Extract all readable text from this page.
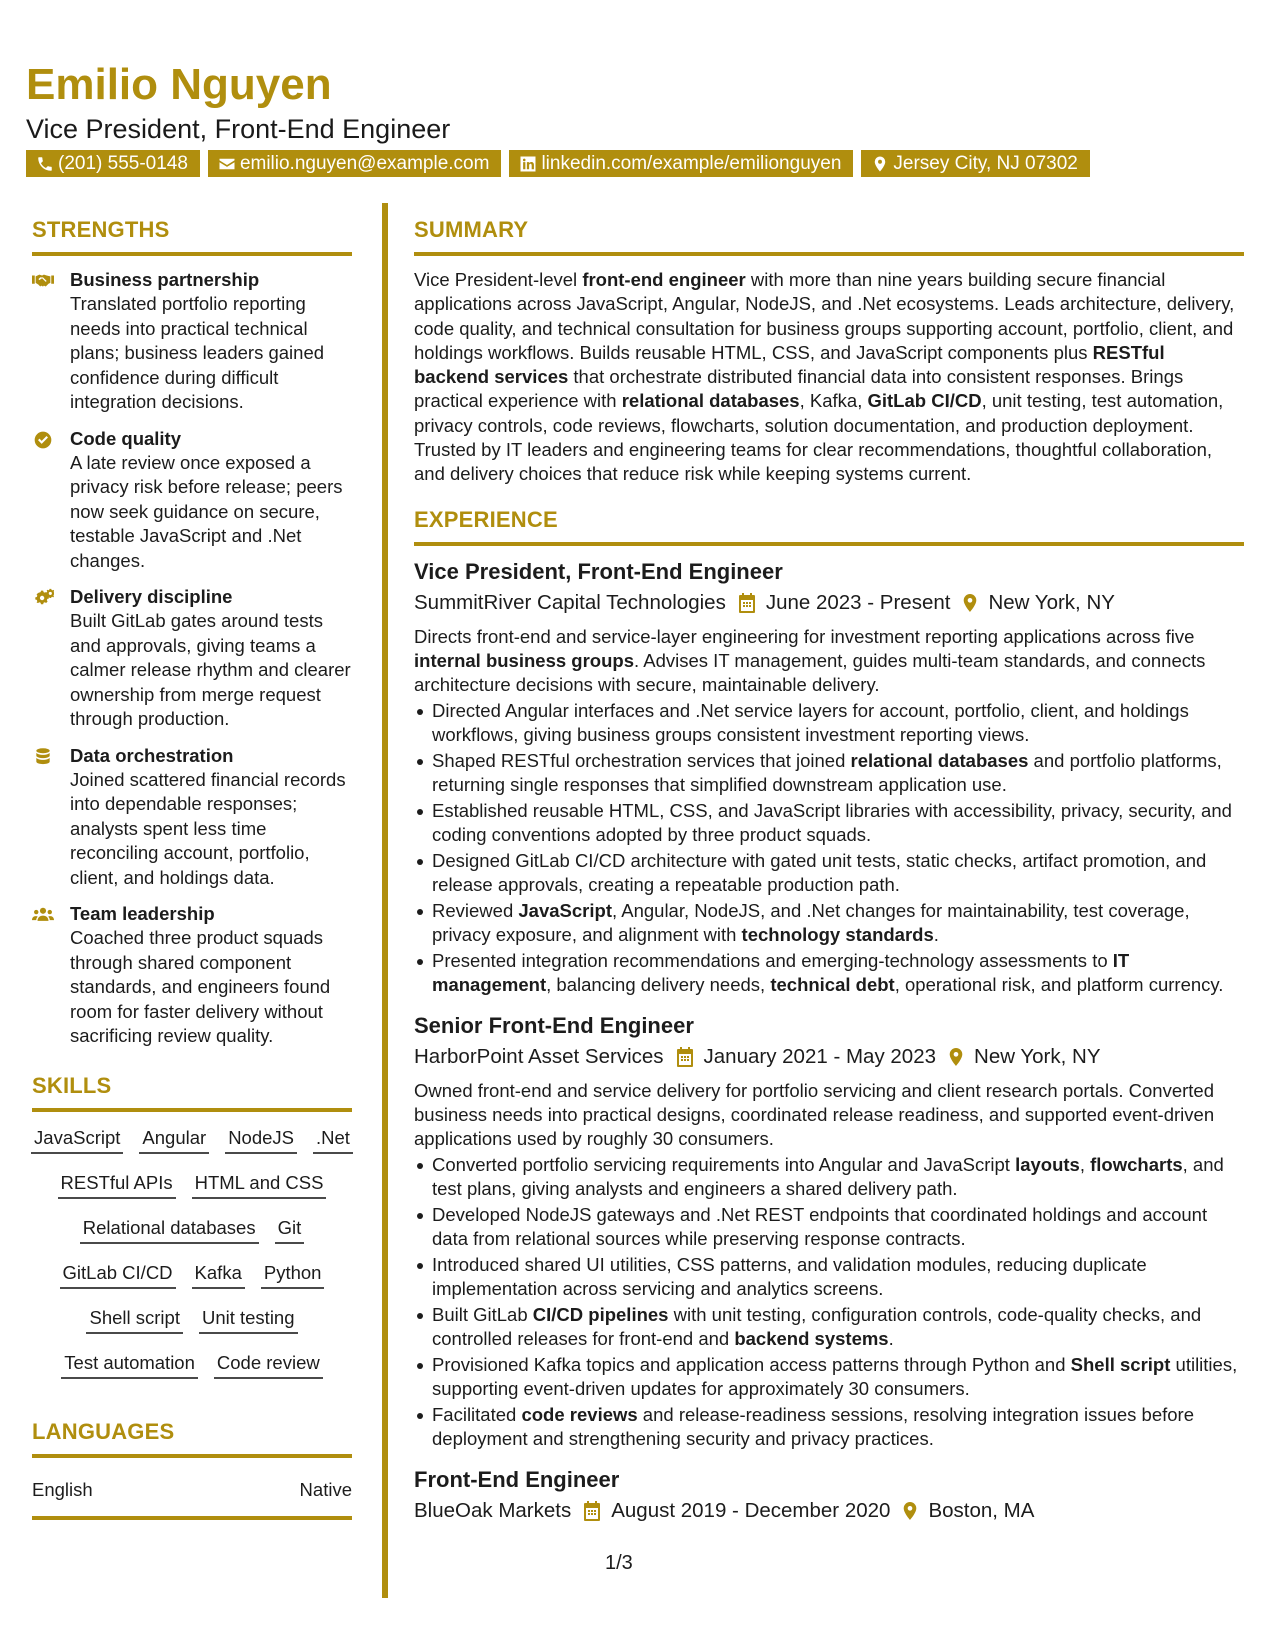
Emilio Nguyen
Vice President, Front-End Engineer
(201) 555-0148	emilio.nguyen@example.com	linkedin.com/example/emilionguyen	Jersey City, NJ 07302
STRENGTHS
Business partnership
Translated portfolio reporting needs into practical technical plans; business leaders gained confidence during difficult integration decisions.
Code quality
A late review once exposed a privacy risk before release; peers now seek guidance on secure, testable JavaScript and .Net changes.
Delivery discipline
Built GitLab gates around tests and approvals, giving teams a calmer release rhythm and clearer ownership from merge request through production.
Data orchestration
Joined scattered financial records into dependable responses; analysts spent less time reconciling account, portfolio, client, and holdings data.
Team leadership
Coached three product squads through shared component standards, and engineers found room for faster delivery without sacrificing review quality.
SKILLS
JavaScript Angular NodeJS .Net
RESTful APIs HTML and CSS
Relational databases Git
GitLab CI/CD Kafka Python
Shell script Unit testing
Test automation Code review
LANGUAGES
English	Native
SUMMARY
Vice President-level front-end engineer with more than nine years building secure financial applications across JavaScript, Angular, NodeJS, and .Net ecosystems. Leads architecture, delivery, code quality, and technical consultation for business groups supporting account, portfolio, client, and holdings workflows. Builds reusable HTML, CSS, and JavaScript components plus RESTful backend services that orchestrate distributed financial data into consistent responses. Brings practical experience with relational databases, Kafka, GitLab CI/CD, unit testing, test automation, privacy controls, code reviews, flowcharts, solution documentation, and production deployment. Trusted by IT leaders and engineering teams for clear recommendations, thoughtful collaboration, and delivery choices that reduce risk while keeping systems current.
EXPERIENCE
Vice President, Front-End Engineer
SummitRiver Capital Technologies June 2023 - Present New York, NY
Directs front-end and service-layer engineering for investment reporting applications across five internal business groups. Advises IT management, guides multi-team standards, and connects architecture decisions with secure, maintainable delivery.
Directed Angular interfaces and .Net service layers for account, portfolio, client, and holdings workflows, giving business groups consistent investment reporting views.
Shaped RESTful orchestration services that joined relational databases and portfolio platforms, returning single responses that simplified downstream application use.
Established reusable HTML, CSS, and JavaScript libraries with accessibility, privacy, security, and coding conventions adopted by three product squads.
Designed GitLab CI/CD architecture with gated unit tests, static checks, artifact promotion, and release approvals, creating a repeatable production path.
Reviewed JavaScript, Angular, NodeJS, and .Net changes for maintainability, test coverage, privacy exposure, and alignment with technology standards.
Presented integration recommendations and emerging-technology assessments to IT management, balancing delivery needs, technical debt, operational risk, and platform currency.
Senior Front-End Engineer
HarborPoint Asset Services January 2021 - May 2023 New York, NY
Owned front-end and service delivery for portfolio servicing and client research portals. Converted business needs into practical designs, coordinated release readiness, and supported event-driven applications used by roughly 30 consumers.
Converted portfolio servicing requirements into Angular and JavaScript layouts, flowcharts, and test plans, giving analysts and engineers a shared delivery path.
Developed NodeJS gateways and .Net REST endpoints that coordinated holdings and account data from relational sources while preserving response contracts.
Introduced shared UI utilities, CSS patterns, and validation modules, reducing duplicate implementation across servicing and analytics screens.
Built GitLab CI/CD pipelines with unit testing, configuration controls, code-quality checks, and controlled releases for front-end and backend systems.
Provisioned Kafka topics and application access patterns through Python and Shell script utilities, supporting event-driven updates for approximately 30 consumers.
Facilitated code reviews and release-readiness sessions, resolving integration issues before deployment and strengthening security and privacy practices.
Front-End Engineer
BlueOak Markets August 2019 - December 2020 Boston, MA
1/3
